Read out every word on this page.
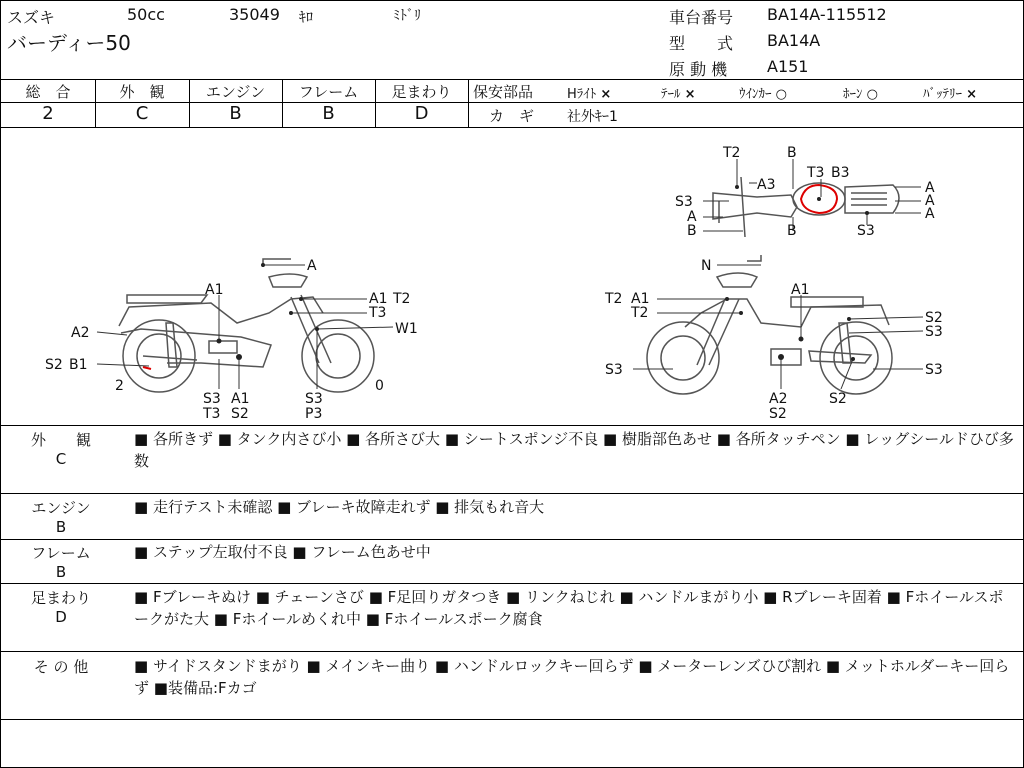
スズキ	50cc	35049 ｷﾛ	ﾐﾄﾞﾘ
バーディー50
車台番号 BA14A-115512
型　　式 BA14A
原 動 機 A151
総　合	外　観	エンジン	フレーム	足まわり
2	C	B	B	D
保安部品	Hﾗｲﾄ ×	ﾃｰﾙ ×	ｳｲﾝｶｰ ○	ﾎｰﾝ ○	ﾊﾞｯﾃﾘｰ ×
カ　ギ 社外ｷｰ1
A
A1
A1 T2
T3
W1
A2
S2 B1
2
S3 A1
T3 S2
S3
P3
0
N
T2 A1
A1
T2	S2
S3
S3	S3
A2
S2
S2
T2	B
A3
T3 B3
S3
A
B	B
A
A
A
S3
外　　観
C
■ 各所きず ■ タンク内さび小 ■ 各所さび大 ■ シートスポンジ不良 ■ 樹脂部色あせ ■ 各所タッチペン ■ レッグシールドひび多数
エンジン
B
■ 走行テスト未確認 ■ ブレーキ故障走れず ■ 排気もれ音大
フレーム
B
■ ステップ左取付不良 ■ フレーム色あせ中
足まわり
D
■ Fブレーキぬけ ■ チェーンさび ■ F足回りガタつき ■ リンクねじれ ■ ハンドルまがり小 ■ Rブレーキ固着 ■ Fホイールスポークがた大 ■ Fホイールめくれ中 ■ Fホイールスポーク腐食
そ の 他	■ サイドスタンドまがり ■ メインキー曲り ■ ハンドルロックキー回らず ■ メーターレンズひび割れ ■ メットホルダーキー回らず ■装備品:Fカゴ
